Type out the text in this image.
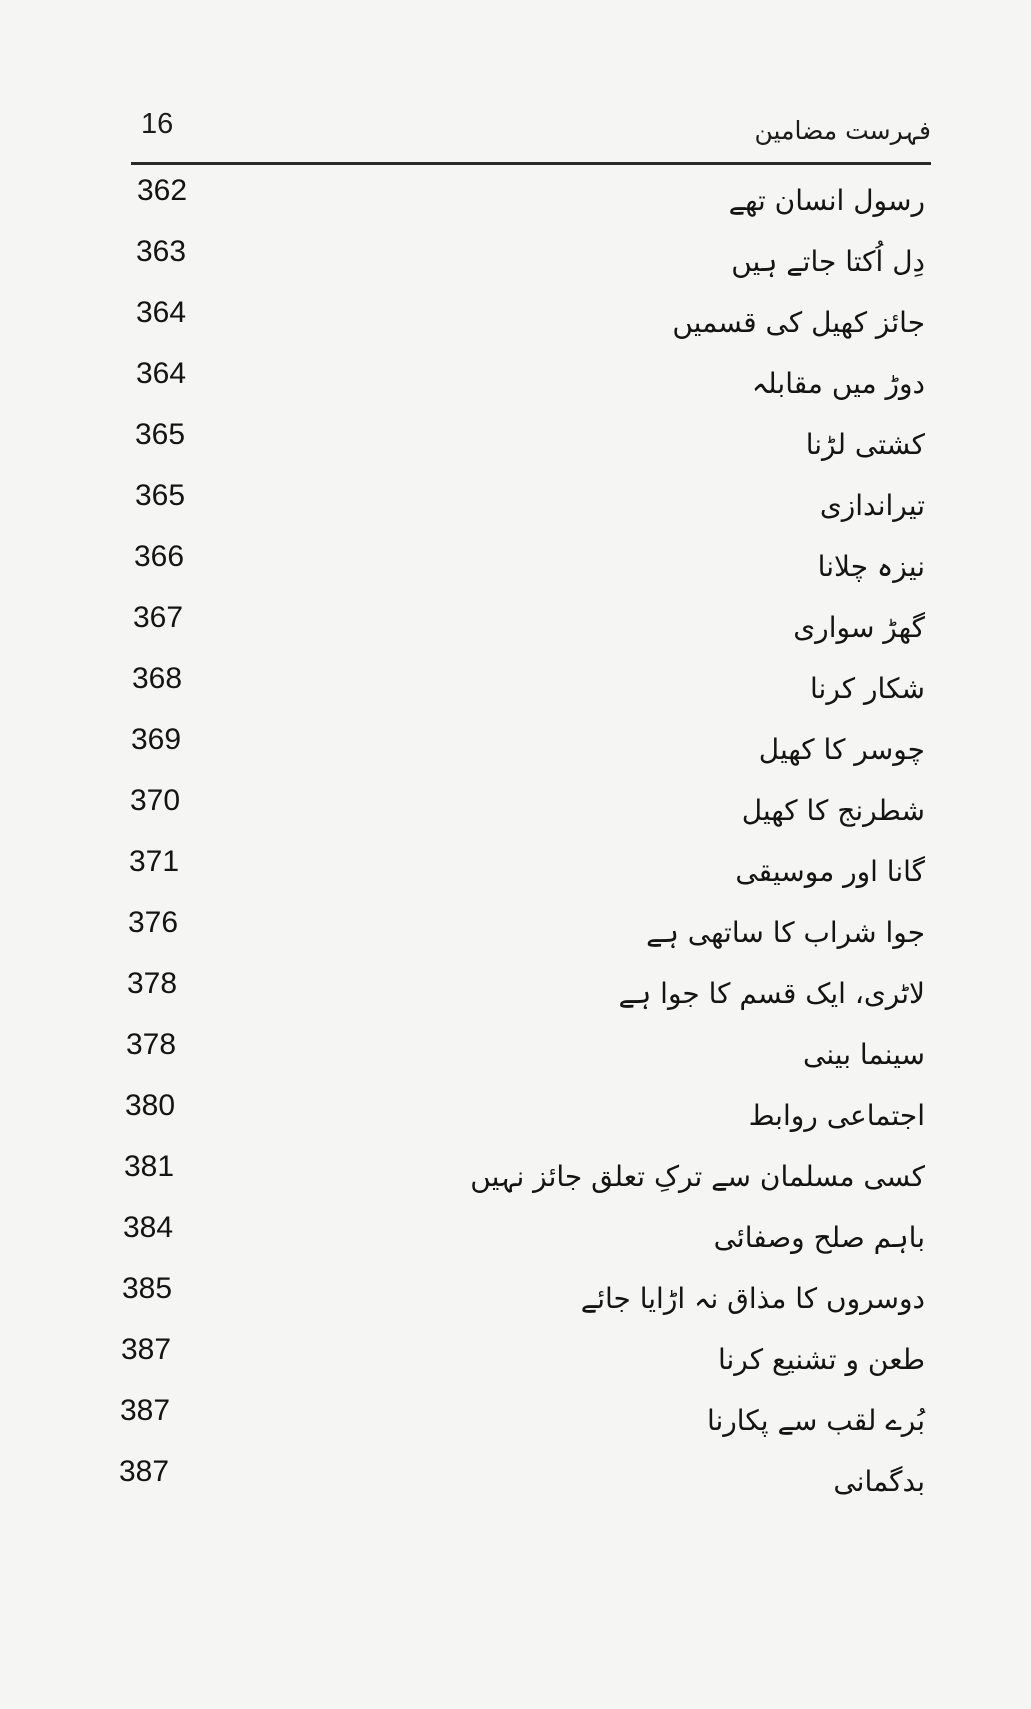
16	فہرست مضامین
362	رسول انسان تھے
363	دِل اُکتا جاتے ہیں
364	جائز کھیل کی قسمیں
364	دوڑ میں مقابلہ
365	کشتی لڑنا
365	تیراندازی
366	نیزہ چلانا
367	گھڑ سواری
368	شکار کرنا
369	چوسر کا کھیل
370	شطرنج کا کھیل
371	گانا اور موسیقی
376	جوا شراب کا ساتھی ہے
378	لاٹری، ایک قسم کا جوا ہے
378	سینما بینی
380	اجتماعی روابط
381	کسی مسلمان سے ترکِ تعلق جائز نہیں
384	باہم صلح وصفائی
385	دوسروں کا مذاق نہ اڑایا جائے
387	طعن و تشنیع کرنا
387	بُرے لقب سے پکارنا
387	بدگمانی
